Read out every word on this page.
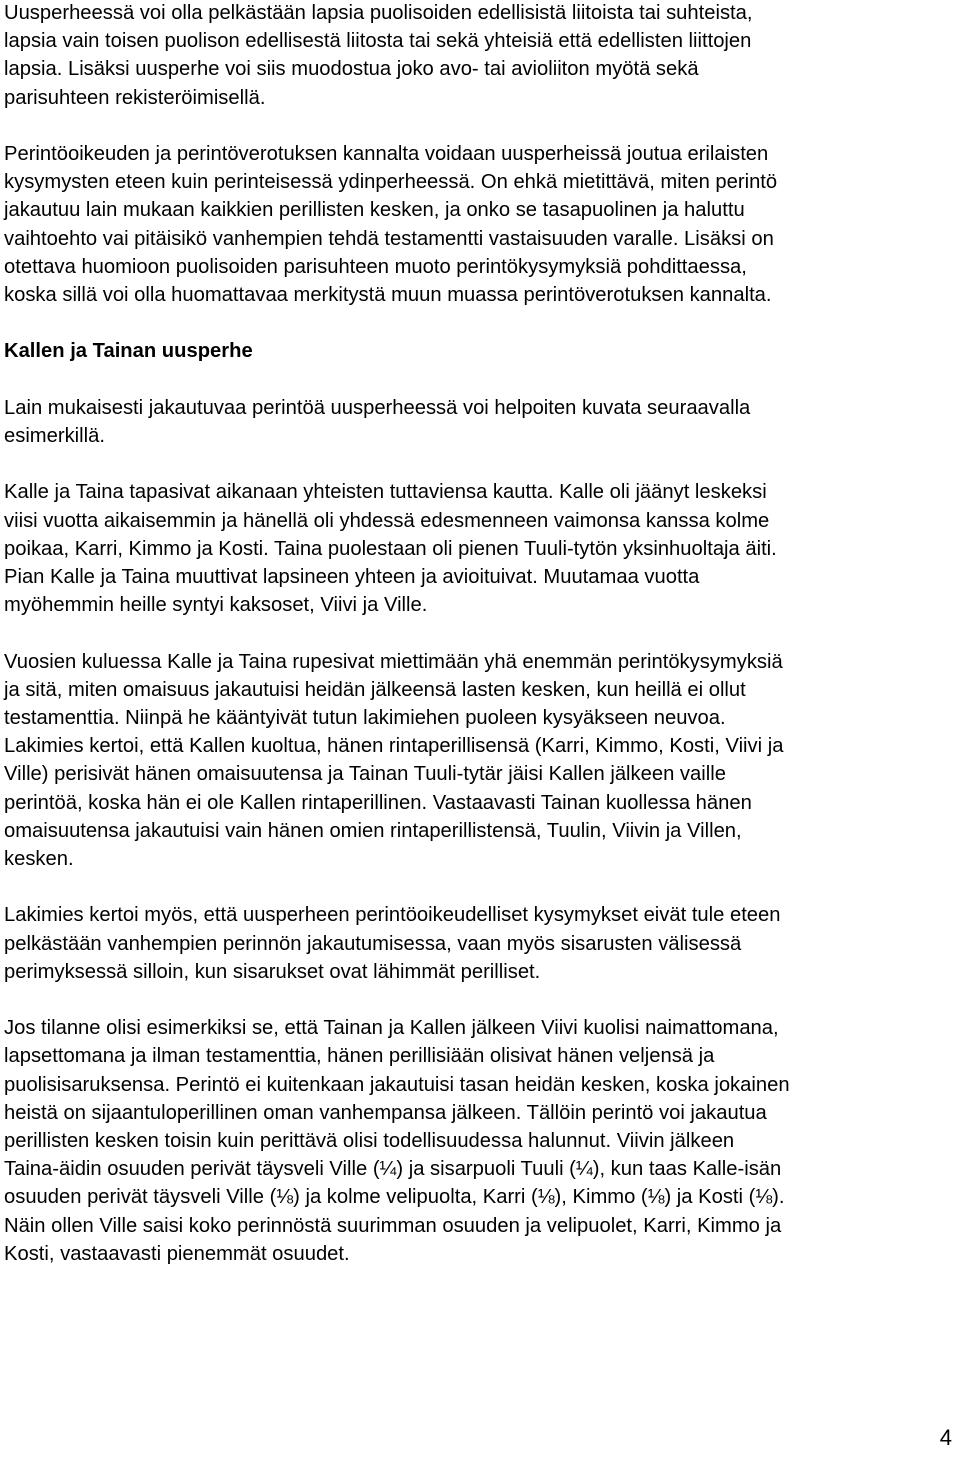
Uusperheessä voi olla pelkästään lapsia puolisoiden edellisistä liitoista tai suhteista,
lapsia vain toisen puolison edellisestä liitosta tai sekä yhteisiä että edellisten liittojen
lapsia. Lisäksi uusperhe voi siis muodostua joko avo- tai avioliiton myötä sekä
parisuhteen rekisteröimisellä.

Perintöoikeuden ja perintöverotuksen kannalta voidaan uusperheissä joutua erilaisten
kysymysten eteen kuin perinteisessä ydinperheessä. On ehkä mietittävä, miten perintö
jakautuu lain mukaan kaikkien perillisten kesken, ja onko se tasapuolinen ja haluttu
vaihtoehto vai pitäisikö vanhempien tehdä testamentti vastaisuuden varalle. Lisäksi on
otettava huomioon puolisoiden parisuhteen muoto perintökysymyksiä pohdittaessa,
koska sillä voi olla huomattavaa merkitystä muun muassa perintöverotuksen kannalta.

Kallen ja Tainan uusperhe

Lain mukaisesti jakautuvaa perintöä uusperheessä voi helpoiten kuvata seuraavalla
esimerkillä.

Kalle ja Taina tapasivat aikanaan yhteisten tuttaviensa kautta. Kalle oli jäänyt leskeksi
viisi vuotta aikaisemmin ja hänellä oli yhdessä edesmenneen vaimonsa kanssa kolme
poikaa, Karri, Kimmo ja Kosti. Taina puolestaan oli pienen Tuuli-tytön yksinhuoltaja äiti.
Pian Kalle ja Taina muuttivat lapsineen yhteen ja avioituivat. Muutamaa vuotta
myöhemmin heille syntyi kaksoset, Viivi ja Ville.

Vuosien kuluessa Kalle ja Taina rupesivat miettimään yhä enemmän perintökysymyksiä
ja sitä, miten omaisuus jakautuisi heidän jälkeensä lasten kesken, kun heillä ei ollut
testamenttia. Niinpä he kääntyivät tutun lakimiehen puoleen kysyäkseen neuvoa.
Lakimies kertoi, että Kallen kuoltua, hänen rintaperillisensä (Karri, Kimmo, Kosti, Viivi ja
Ville) perisivät hänen omaisuutensa ja Tainan Tuuli-tytär jäisi Kallen jälkeen vaille
perintöä, koska hän ei ole Kallen rintaperillinen. Vastaavasti Tainan kuollessa hänen
omaisuutensa jakautuisi vain hänen omien rintaperillistensä, Tuulin, Viivin ja Villen,
kesken.

Lakimies kertoi myös, että uusperheen perintöoikeudelliset kysymykset eivät tule eteen
pelkästään vanhempien perinnön jakautumisessa, vaan myös sisarusten välisessä
perimyksessä silloin, kun sisarukset ovat lähimmät perilliset.

Jos tilanne olisi esimerkiksi se, että Tainan ja Kallen jälkeen Viivi kuolisi naimattomana,
lapsettomana ja ilman testamenttia, hänen perillisiään olisivat hänen veljensä ja
puolisisaruksensa. Perintö ei kuitenkaan jakautuisi tasan heidän kesken, koska jokainen
heistä on sijaantuloperillinen oman vanhempansa jälkeen. Tällöin perintö voi jakautua
perillisten kesken toisin kuin perittävä olisi todellisuudessa halunnut. Viivin jälkeen
Taina-äidin osuuden perivät täysveli Ville (¼) ja sisarpuoli Tuuli (¼), kun taas Kalle-isän
osuuden perivät täysveli Ville (⅛) ja kolme velipuolta, Karri (⅛), Kimmo (⅛) ja Kosti (⅛).
Näin ollen Ville saisi koko perinnöstä suurimman osuuden ja velipuolet, Karri, Kimmo ja
Kosti, vastaavasti pienemmät osuudet.

4
